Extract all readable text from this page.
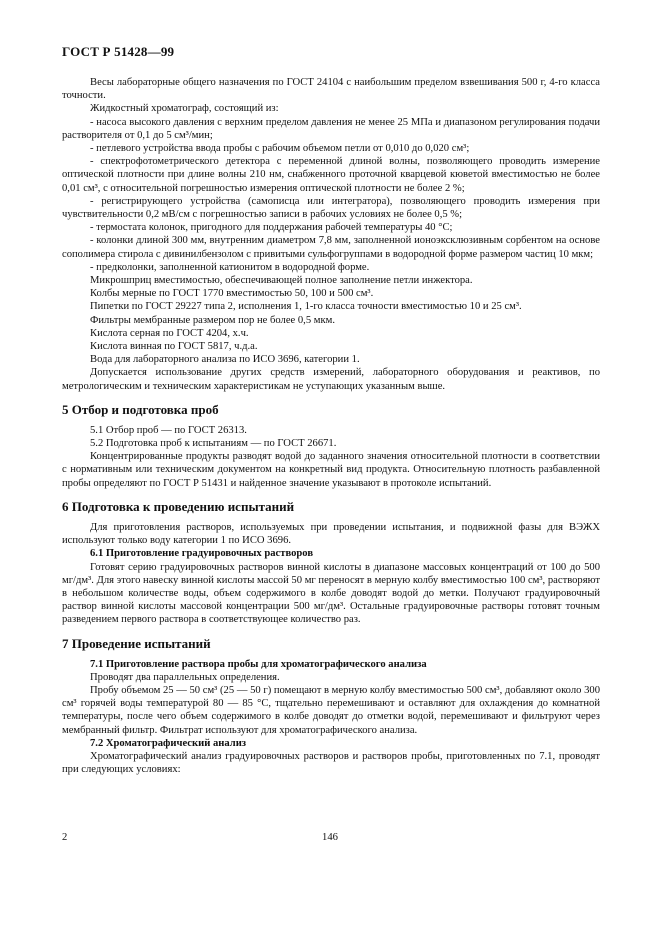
ГОСТ Р 51428—99

Весы лабораторные общего назначения по ГОСТ 24104 с наибольшим пределом взвешивания 500 г, 4-го класса точности.

Жидкостный хроматограф, состоящий из:

- насоса высокого давления с верхним пределом давления не менее 25 МПа и диапазоном регулирования подачи растворителя от 0,1 до 5 см³/мин;

- петлевого устройства ввода пробы с рабочим объемом петли от 0,010 до 0,020 см³;

- спектрофотометрического детектора с переменной длиной волны, позволяющего проводить измерение оптической плотности при длине волны 210 нм, снабженного проточной кварцевой кюветой вместимостью не более 0,01 см³, с относительной погрешностью измерения оптической плотности не более 2 %;

- регистрирующего устройства (самописца или интегратора), позволяющего проводить измерения при чувствительности 0,2 мВ/см с погрешностью записи в рабочих условиях не более 0,5 %;

- термостата колонок, пригодного для поддержания рабочей температуры 40 °С;

- колонки длиной 300 мм, внутренним диаметром 7,8 мм, заполненной ионоэксклюзивным сорбентом на основе сополимера стирола с дивинилбензолом с привитыми сульфогруппами в водородной форме размером частиц 10 мкм;

- предколонки, заполненной катионитом в водородной форме.

Микрошприц вместимостью, обеспечивающей полное заполнение петли инжектора.

Колбы мерные по ГОСТ 1770 вместимостью 50, 100 и 500 см³.

Пипетки по ГОСТ 29227 типа 2, исполнения 1, 1-го класса точности вместимостью 10 и 25 см³.

Фильтры мембранные размером пор не более 0,5 мкм.

Кислота серная по ГОСТ 4204, х.ч.

Кислота винная по ГОСТ 5817, ч.д.а.

Вода для лабораторного анализа по ИСО 3696, категории 1.

Допускается использование других средств измерений, лабораторного оборудования и реактивов, по метрологическим и техническим характеристикам не уступающих указанным выше.

5 Отбор и подготовка проб

5.1 Отбор проб — по ГОСТ 26313.

5.2 Подготовка проб к испытаниям — по ГОСТ 26671.

Концентрированные продукты разводят водой до заданного значения относительной плотности в соответствии с нормативным или техническим документом на конкретный вид продукта. Относительную плотность разбавленной пробы определяют по ГОСТ Р 51431 и найденное значение указывают в протоколе испытаний.

6 Подготовка к проведению испытаний

Для приготовления растворов, используемых при проведении испытания, и подвижной фазы для ВЭЖХ используют только воду категории 1 по ИСО 3696.

6.1 Приготовление градуировочных растворов

Готовят серию градуировочных растворов винной кислоты в диапазоне массовых концентраций от 100 до 500 мг/дм³. Для этого навеску винной кислоты массой 50 мг переносят в мерную колбу вместимостью 100 см³, растворяют в небольшом количестве воды, объем содержимого в колбе доводят водой до метки. Получают градуировочный раствор винной кислоты массовой концентрации 500 мг/дм³. Остальные градуировочные растворы готовят точным разведением первого раствора в соответствующее количество раз.

7 Проведение испытаний
7.1 Приготовление раствора пробы для хроматографического анализа

Проводят два параллельных определения.

Пробу объемом 25 — 50 см³ (25 — 50 г) помещают в мерную колбу вместимостью 500 см³, добавляют около 300 см³ горячей воды температурой 80 — 85 °С, тщательно перемешивают и оставляют для охлаждения до комнатной температуры, после чего объем содержимого в колбе доводят до отметки водой, перемешивают и фильтруют через мембранный фильтр. Фильтрат используют для хроматографического анализа.

7.2 Хроматографический анализ

Хроматографический анализ градуировочных растворов и растворов пробы, приготовленных по 7.1, проводят при следующих условиях:

2	146
